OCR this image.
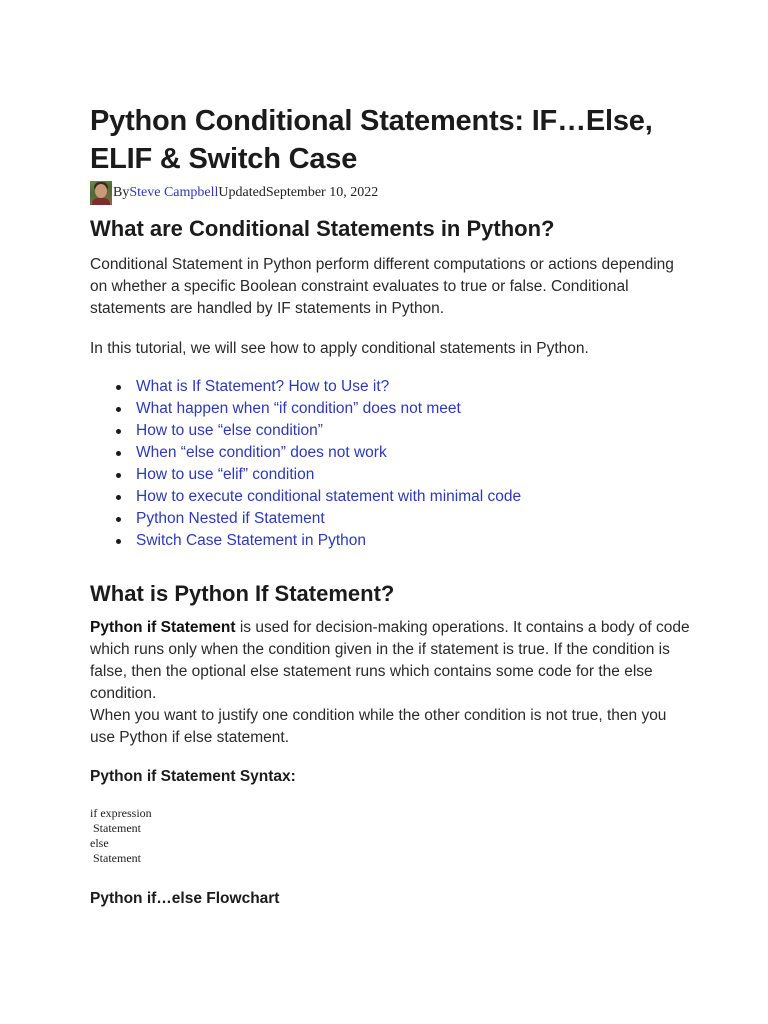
Python Conditional Statements: IF…Else, ELIF & Switch Case
By Steve Campbell Updated September 10, 2022
What are Conditional Statements in Python?

Conditional Statement in Python perform different computations or actions depending on whether a specific Boolean constraint evaluates to true or false. Conditional statements are handled by IF statements in Python.

In this tutorial, we will see how to apply conditional statements in Python.

What is If Statement? How to Use it?
What happen when “if condition” does not meet
How to use “else condition”
When “else condition” does not work
How to use “elif” condition
How to execute conditional statement with minimal code
Python Nested if Statement
Switch Case Statement in Python
What is Python If Statement?

Python if Statement is used for decision-making operations. It contains a body of code which runs only when the condition given in the if statement is true. If the condition is false, then the optional else statement runs which contains some code for the else condition.

When you want to justify one condition while the other condition is not true, then you use Python if else statement.

Python if Statement Syntax:

if expression
Statement
else
Statement

Python if…else Flowchart
